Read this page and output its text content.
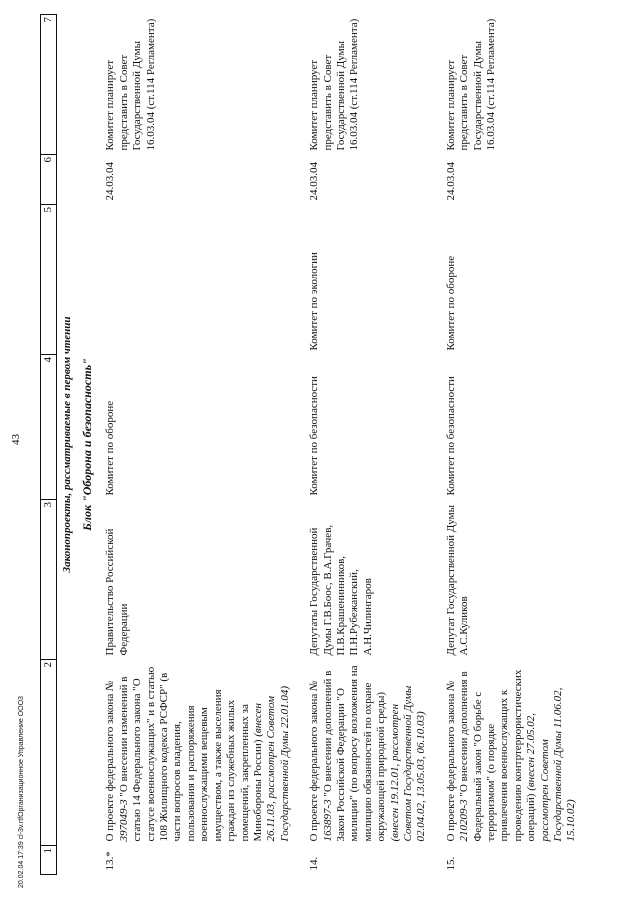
43
1	2	3	4	5	6	7
Законопроекты, рассматриваемые в первом чтении						
Блок "Оборона и безопасность"						
13.*	О проекте федерального закона № 397049-3 "О внесении изменений в статью 14 Федерального закона "О статусе военнослужащих" и в статью 108 Жилищного кодекса РСФСР" (в части вопросов владения, пользования и распоряжения военнослужащими вещевым имуществом, а также выселения граждан из служебных жилых помещений, закрепленных за Минобороны России) (внесен 26.11.03, рассмотрен Советом Государственной Думы 22.01.04)	Правительство Российской Федерации	Комитет по обороне		24.03.04	Комитет планирует представить в Совет Государственной Думы 16.03.04 (ст.114 Регламента)
14.	О проекте федерального закона № 163897-3 "О внесении дополнений в Закон Российской Федерации "О милиции" (по вопросу возложения на милицию обязанностей по охране окружающей природной среды) (внесен 19.12.01, рассмотрен Советом Государственной Думы 02.04.02, 13.05.03, 06.10.03)	Депутаты Государственной Думы Г.В.Боос, В.А.Грачев, П.В.Крашенинников, П.Н.Рубежанский, А.Н.Чилингаров	Комитет по безопасности	Комитет по экологии	24.03.04	Комитет планирует представить в Совет Государственной Думы 16.03.04 (ст.114 Регламента)
15.	О проекте федерального закона № 210209-3 "О внесении дополнения в Федеральный закон "О борьбе с терроризмом" (о порядке привлечения военнослужащих к проведению контртеррористических операций) (внесен 27.05.02, рассмотрен Советом Государственной Думы 11.06.02, 15.10.02)	Депутат Государственной Думы А.С.Куликов	Комитет по безопасности	Комитет по обороне	24.03.04	Комитет планирует представить в Совет Государственной Думы 16.03.04 (ст.114 Регламента)
20.02.04 17:39 cl-3v.rtfОрганизационное Управление ООО3
